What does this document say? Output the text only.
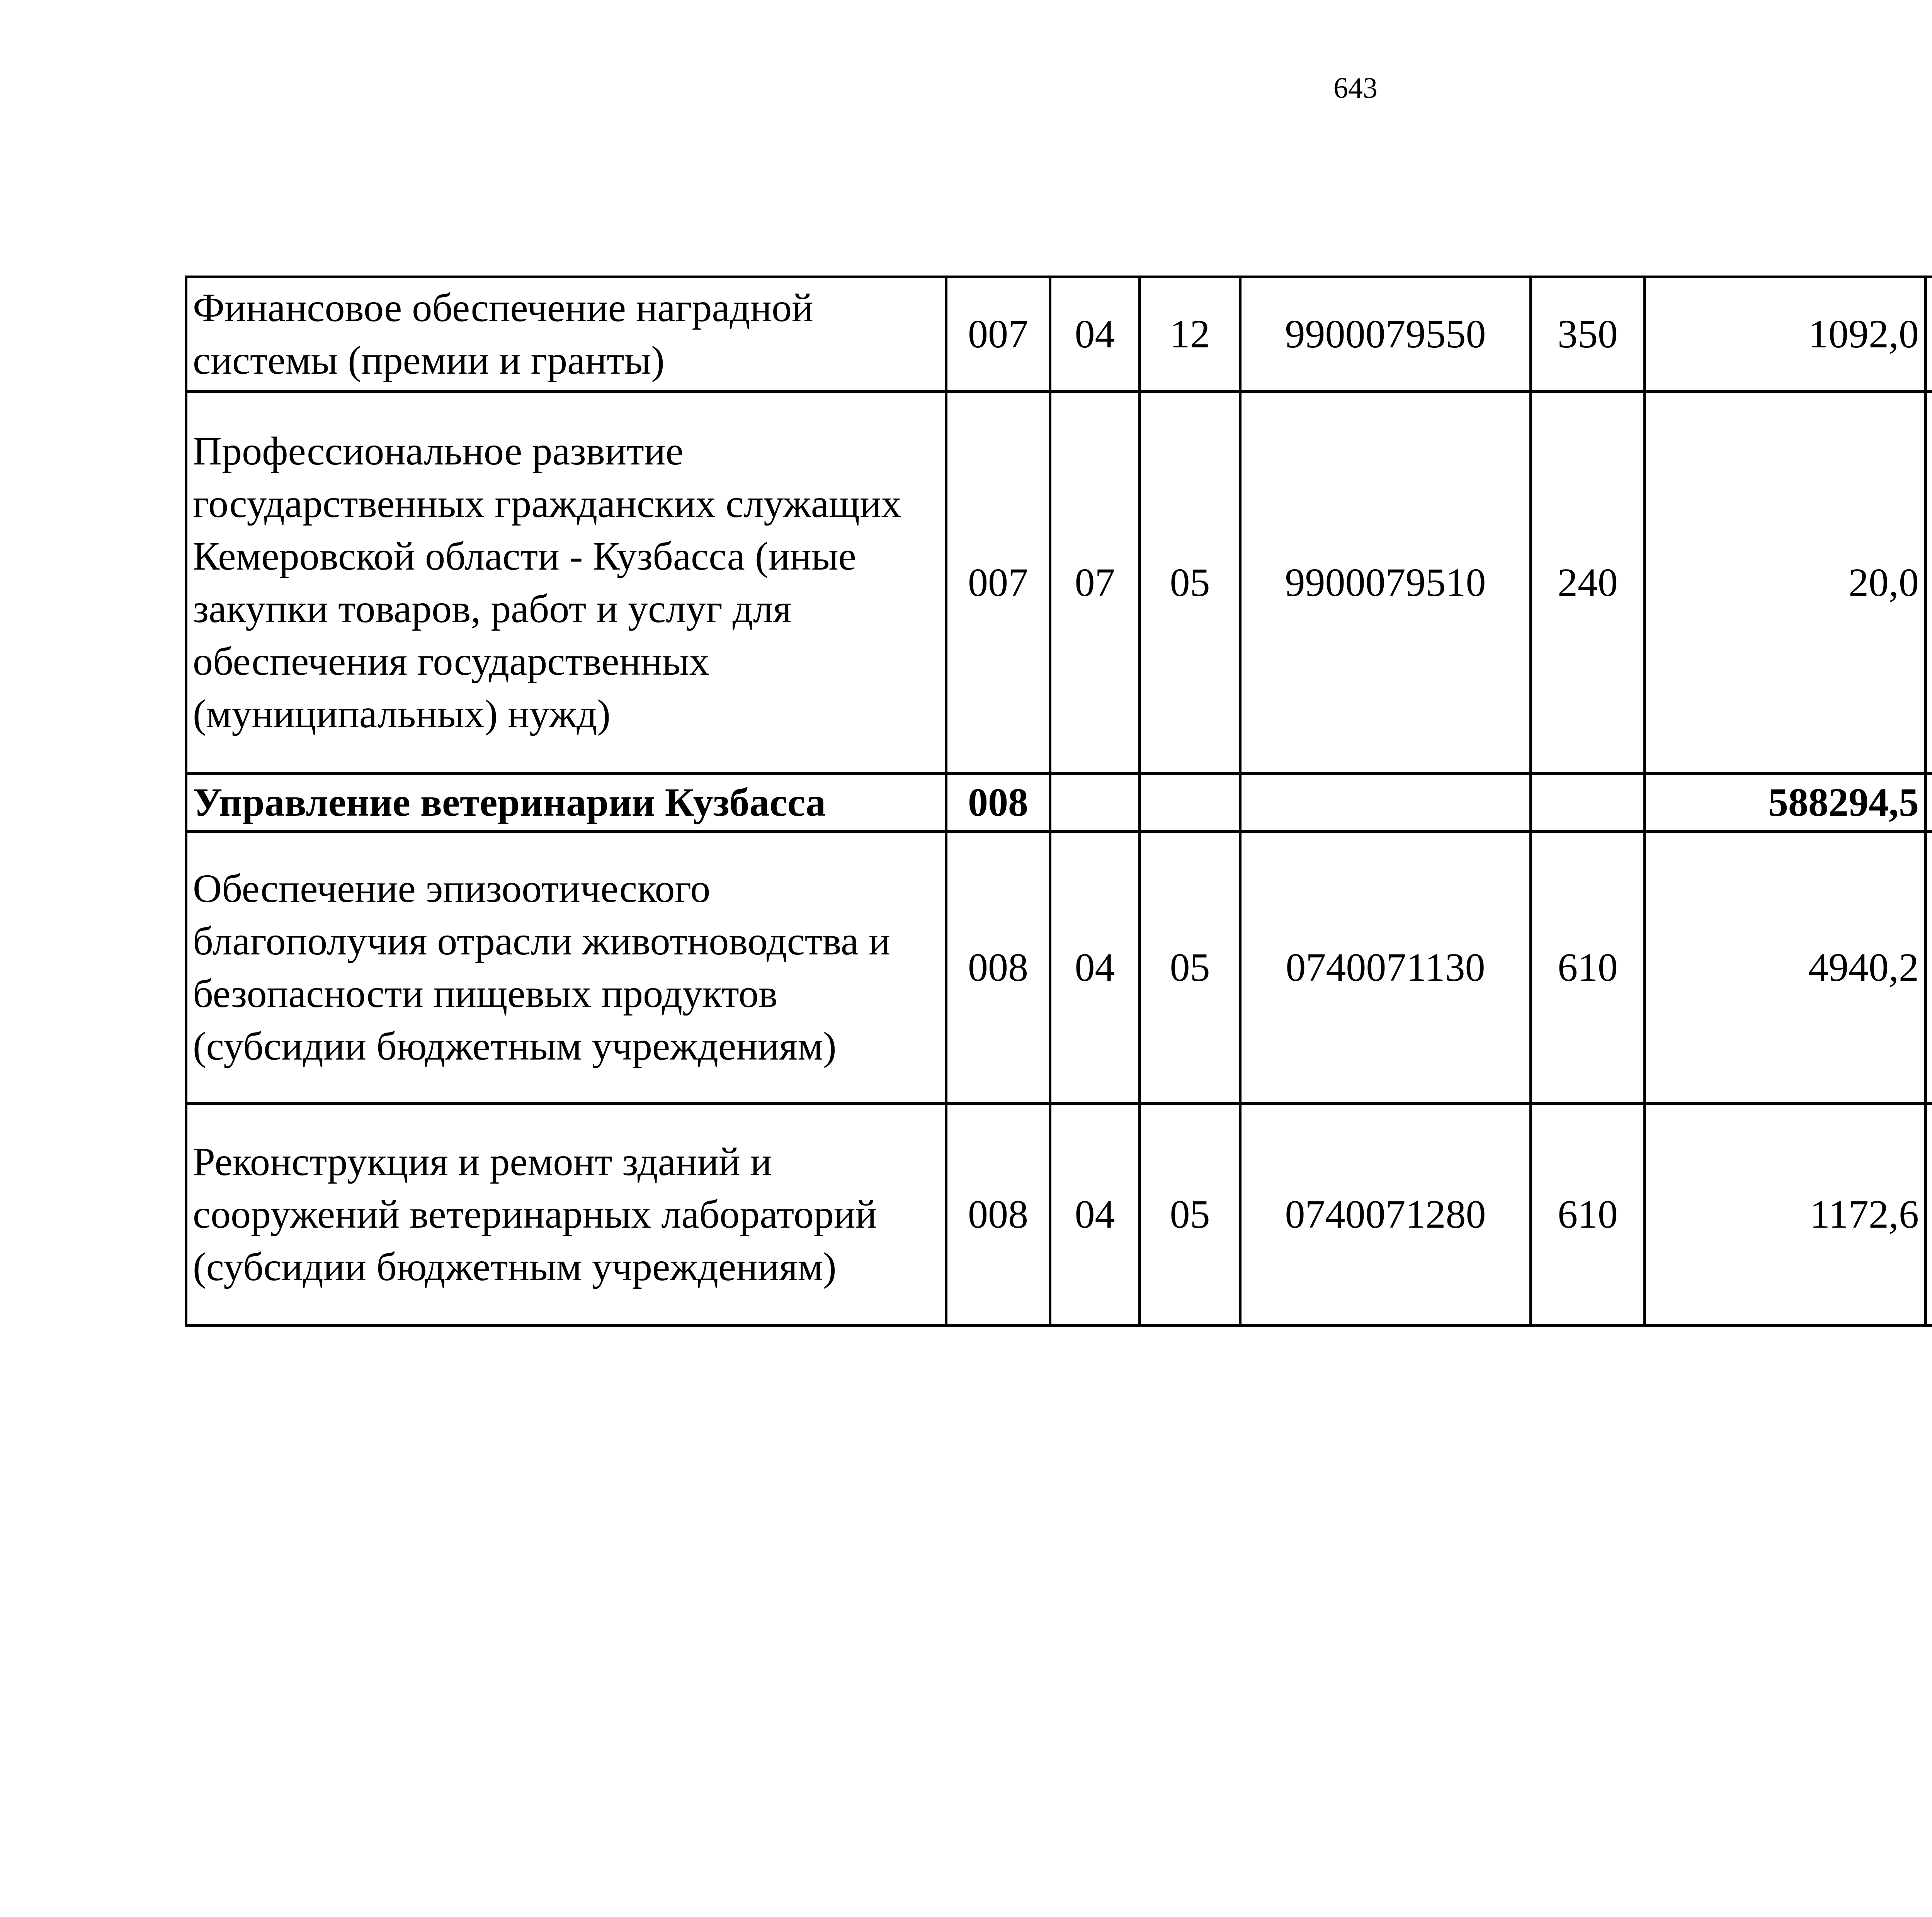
643
Финансовое обеспечение наградной системы (премии и гранты)	007	04	12	9900079550	350	1092,0		
Профессиональное развитие государственных гражданских служащих Кемеровской области - Кузбасса (иные закупки товаров, работ и услуг для обеспечения государственных (муниципальных) нужд)	007	07	05	9900079510	240	20,0		
Управление ветеринарии Кузбасса	008					588294,5		
Обеспечение эпизоотического благополучия отрасли животноводства и безопасности пищевых продуктов (субсидии бюджетным учреждениям)	008	04	05	0740071130	610	4940,2		
Реконструкция и ремонт зданий и сооружений ветеринарных лабораторий (субсидии бюджетным учреждениям)	008	04	05	0740071280	610	1172,6		
